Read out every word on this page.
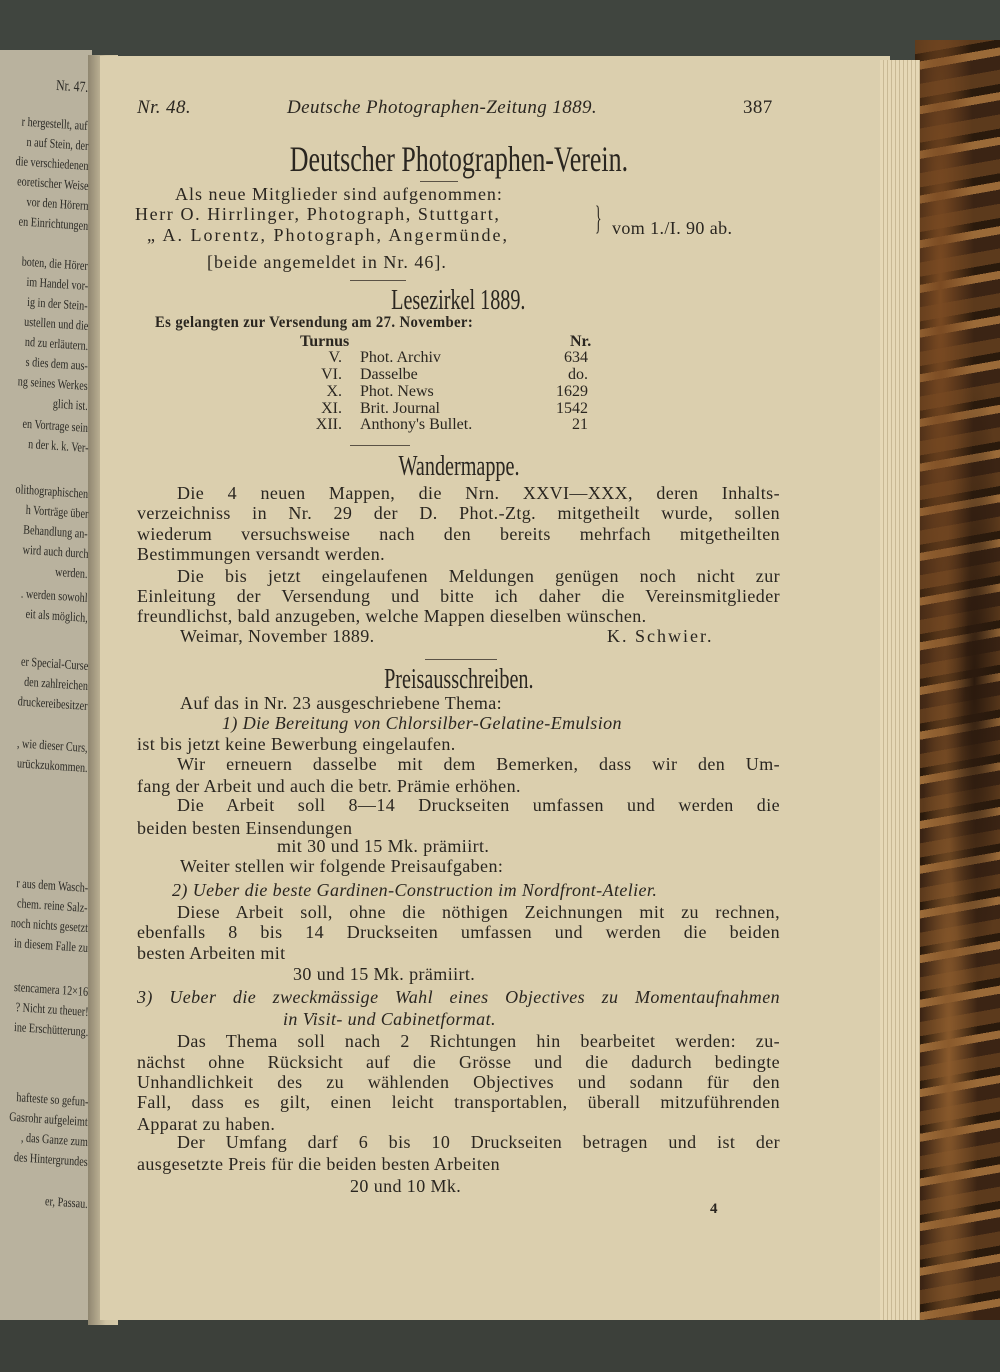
Nr. 47.
r hergestellt, auf
n auf Stein, der
die verschiedenen
eoretischer Weise
vor den Hörern
en Einrichtungen
boten, die Hörer
im Handel vor-
ig in der Stein-
ustellen und die
nd zu erläutern.
s dies dem aus-
ng seines Werkes
glich ist.
en Vortrage sein
n der k. k. Ver-
olithographischen
h Vorträge über
Behandlung an-
wird auch durch
werden.
. werden sowohl
eit als möglich,
er Special-Curse
den zahlreichen
druckereibesitzer
, wie dieser Curs,
urückzukommen.
r aus dem Wasch-
chem. reine Salz-
noch nichts gesetzt
in diesem Falle zu
stencamera 12×16
? Nicht zu theuer!
ine Erschütterung.
hafteste so gefun-
Gasrohr aufgeleimt
, das Ganze zum
des Hintergrundes
er, Passau.
Nr. 48.	Deutsche Photographen-Zeitung 1889.	387
Deutscher Photographen-Verein.
Als neue Mitglieder sind aufgenommen:
Herr O. Hirrlinger, Photograph, Stuttgart,
„ A. Lorentz, Photograph, Angermünde,	} vom 1./I. 90 ab.
[beide angemeldet in Nr. 46].
Lesezirkel 1889.
Es gelangten zur Versendung am 27. November:
Turnus	Nr.
V. Phot. Archiv	634
VI. Dasselbe	do.
X. Phot. News	1629
XI. Brit. Journal	1542
XII. Anthony's Bullet.	21
Wandermappe.
Die 4 neuen Mappen, die Nrn. XXVI—XXX, deren Inhalts-
verzeichniss in Nr. 29 der D. Phot.-Ztg. mitgetheilt wurde, sollen
wiederum versuchsweise nach den bereits mehrfach mitgetheilten
Bestimmungen versandt werden.
Die bis jetzt eingelaufenen Meldungen genügen noch nicht zur
Einleitung der Versendung und bitte ich daher die Vereinsmitglieder
freundlichst, bald anzugeben, welche Mappen dieselben wünschen.
Weimar, November 1889.	K. Schwier.
Preisausschreiben.
Auf das in Nr. 23 ausgeschriebene Thema:
1) Die Bereitung von Chlorsilber-Gelatine-Emulsion
ist bis jetzt keine Bewerbung eingelaufen.
Wir erneuern dasselbe mit dem Bemerken, dass wir den Um-
fang der Arbeit und auch die betr. Prämie erhöhen.
Die Arbeit soll 8—14 Druckseiten umfassen und werden die
beiden besten Einsendungen
mit 30 und 15 Mk. prämiirt.
Weiter stellen wir folgende Preisaufgaben:
2) Ueber die beste Gardinen-Construction im Nordfront-Atelier.
Diese Arbeit soll, ohne die nöthigen Zeichnungen mit zu rechnen,
ebenfalls 8 bis 14 Druckseiten umfassen und werden die beiden
besten Arbeiten mit
30 und 15 Mk. prämiirt.
3) Ueber die zweckmässige Wahl eines Objectives zu Momentaufnahmen
in Visit- und Cabinetformat.
Das Thema soll nach 2 Richtungen hin bearbeitet werden: zu-
nächst ohne Rücksicht auf die Grösse und die dadurch bedingte
Unhandlichkeit des zu wählenden Objectives und sodann für den
Fall, dass es gilt, einen leicht transportablen, überall mitzuführenden
Apparat zu haben.
Der Umfang darf 6 bis 10 Druckseiten betragen und ist der
ausgesetzte Preis für die beiden besten Arbeiten
20 und 10 Mk.
4
